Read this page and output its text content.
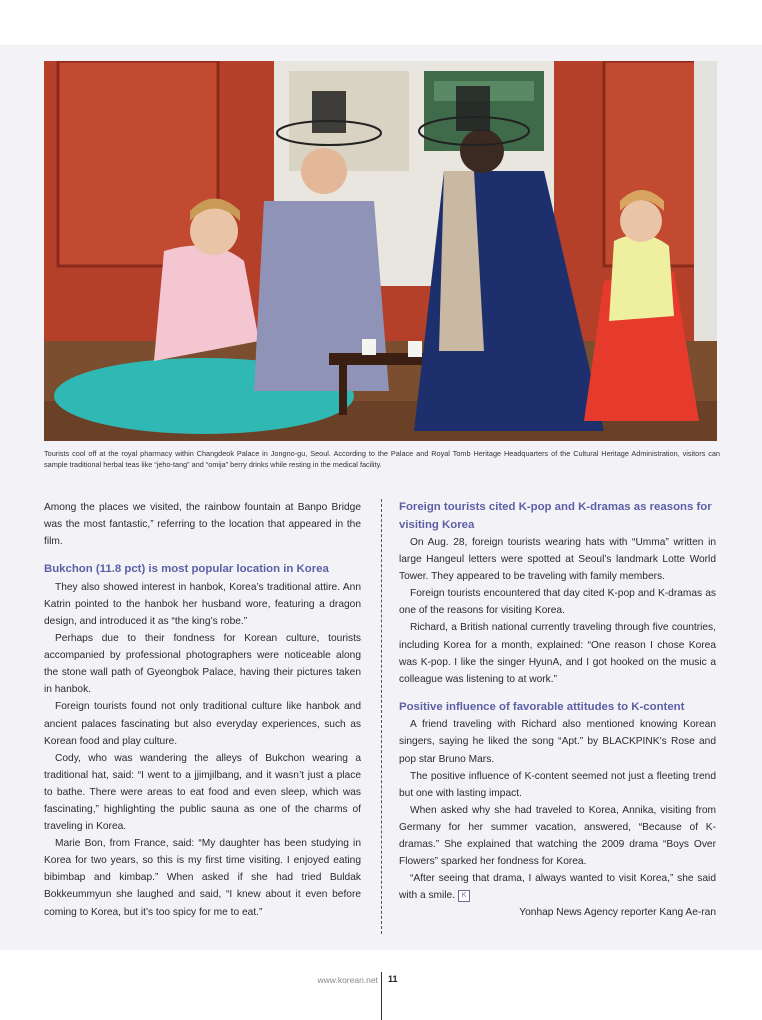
Tourists cool off at the royal pharmacy within Changdeok Palace in Jongno-gu, Seoul. According to the Palace and Royal Tomb Heritage Headquarters of the Cultural Heritage Administration, visitors can sample traditional herbal teas like “jeho-tang” and “omija” berry drinks while resting in the medical facility.

Among the places we visited, the rainbow fountain at Banpo Bridge was the most fantastic,” referring to the location that appeared in the film.

Bukchon (11.8 pct) is most popular location in Korea

They also showed interest in hanbok, Korea’s traditional attire. Ann Katrin pointed to the hanbok her husband wore, featuring a dragon design, and introduced it as “the king’s robe.”

Perhaps due to their fondness for Korean culture, tourists accompanied by professional photographers were noticeable along the stone wall path of Gyeongbok Palace, having their pictures taken in hanbok.

Foreign tourists found not only traditional culture like hanbok and ancient palaces fascinating but also everyday experiences, such as Korean food and play culture.

Cody, who was wandering the alleys of Bukchon wearing a traditional hat, said: “I went to a jjimjilbang, and it wasn’t just a place to bathe. There were areas to eat food and even sleep, which was fascinating,” highlighting the public sauna as one of the charms of traveling in Korea.

Marie Bon, from France, said: “My daughter has been studying in Korea for two years, so this is my first time visiting. I enjoyed eating bibimbap and kimbap.” When asked if she had tried Buldak Bokkeummyun she laughed and said, “I knew about it even before coming to Korea, but it’s too spicy for me to eat.”

Foreign tourists cited K-pop and K-dramas as reasons for visiting Korea

On Aug. 28, foreign tourists wearing hats with “Umma” written in large Hangeul letters were spotted at Seoul’s landmark Lotte World Tower. They appeared to be traveling with family members.

Foreign tourists encountered that day cited K-pop and K-dramas as one of the reasons for visiting Korea.

Richard, a British national currently traveling through five countries, including Korea for a month, explained: “One reason I chose Korea was K-pop. I like the singer HyunA, and I got hooked on the music a colleague was listening to at work.”

Positive influence of favorable attitudes to K-content

A friend traveling with Richard also mentioned knowing Korean singers, saying he liked the song “Apt.” by BLACKPINK’s Rose and pop star Bruno Mars.

The positive influence of K-content seemed not just a fleeting trend but one with lasting impact.

When asked why she had traveled to Korea, Annika, visiting from Germany for her summer vacation, answered, “Because of K-dramas.” She explained that watching the 2009 drama “Boys Over Flowers” sparked her fondness for Korea.

“After seeing that drama, I always wanted to visit Korea,” she said with a smile. K

Yonhap News Agency reporter Kang Ae-ran

www.korean.net 11
